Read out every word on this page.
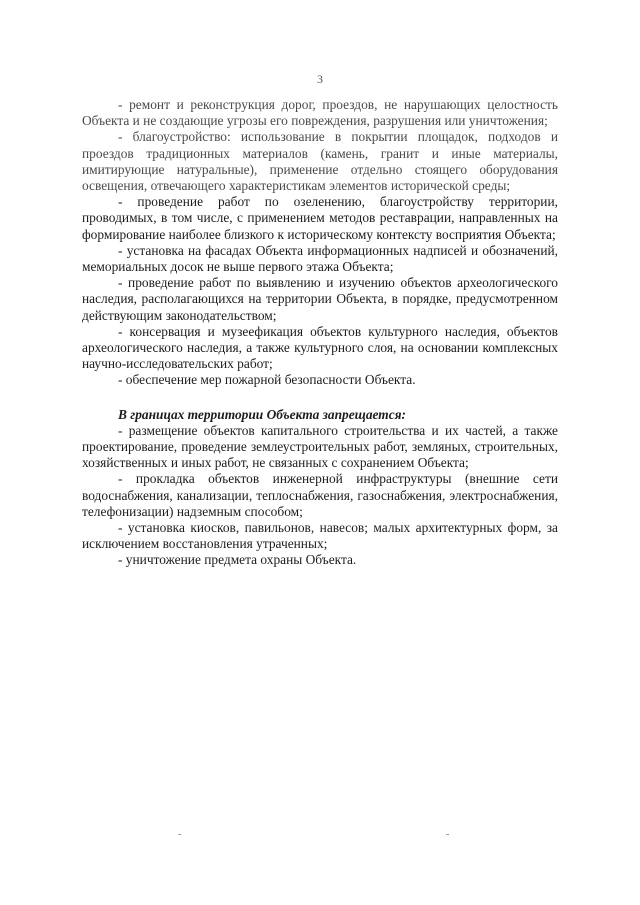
3

- ремонт и реконструкция дорог, проездов, не нарушающих целостность Объекта и не создающие угрозы его повреждения, разрушения или уничтожения;

- благоустройство: использование в покрытии площадок, подходов и проездов традиционных материалов (камень, гранит и иные материалы, имитирующие натуральные), применение отдельно стоящего оборудования освещения, отвечающего характеристикам элементов исторической среды;

- проведение работ по озеленению, благоустройству территории, проводимых, в том числе, с применением методов реставрации, направленных на формирование наиболее близкого к историческому контексту восприятия Объекта;

- установка на фасадах Объекта информационных надписей и обозначений, мемориальных досок не выше первого этажа Объекта;

- проведение работ по выявлению и изучению объектов археологического наследия, располагающихся на территории Объекта, в порядке, предусмотренном действующим законодательством;

- консервация и музеефикация объектов культурного наследия, объектов археологического наследия, а также культурного слоя, на основании комплексных научно-исследовательских работ;

- обеспечение мер пожарной безопасности Объекта.

В границах территории Объекта запрещается:

- размещение объектов капитального строительства и их частей, а также проектирование, проведение землеустроительных работ, земляных, строительных, хозяйственных и иных работ, не связанных с сохранением Объекта;

- прокладка объектов инженерной инфраструктуры (внешние сети водоснабжения, канализации, теплоснабжения, газоснабжения, электроснабжения, телефонизации) надземным способом;

- установка киосков, павильонов, навесов; малых архитектурных форм, за исключением восстановления утраченных;

- уничтожение предмета охраны Объекта.

-	-
